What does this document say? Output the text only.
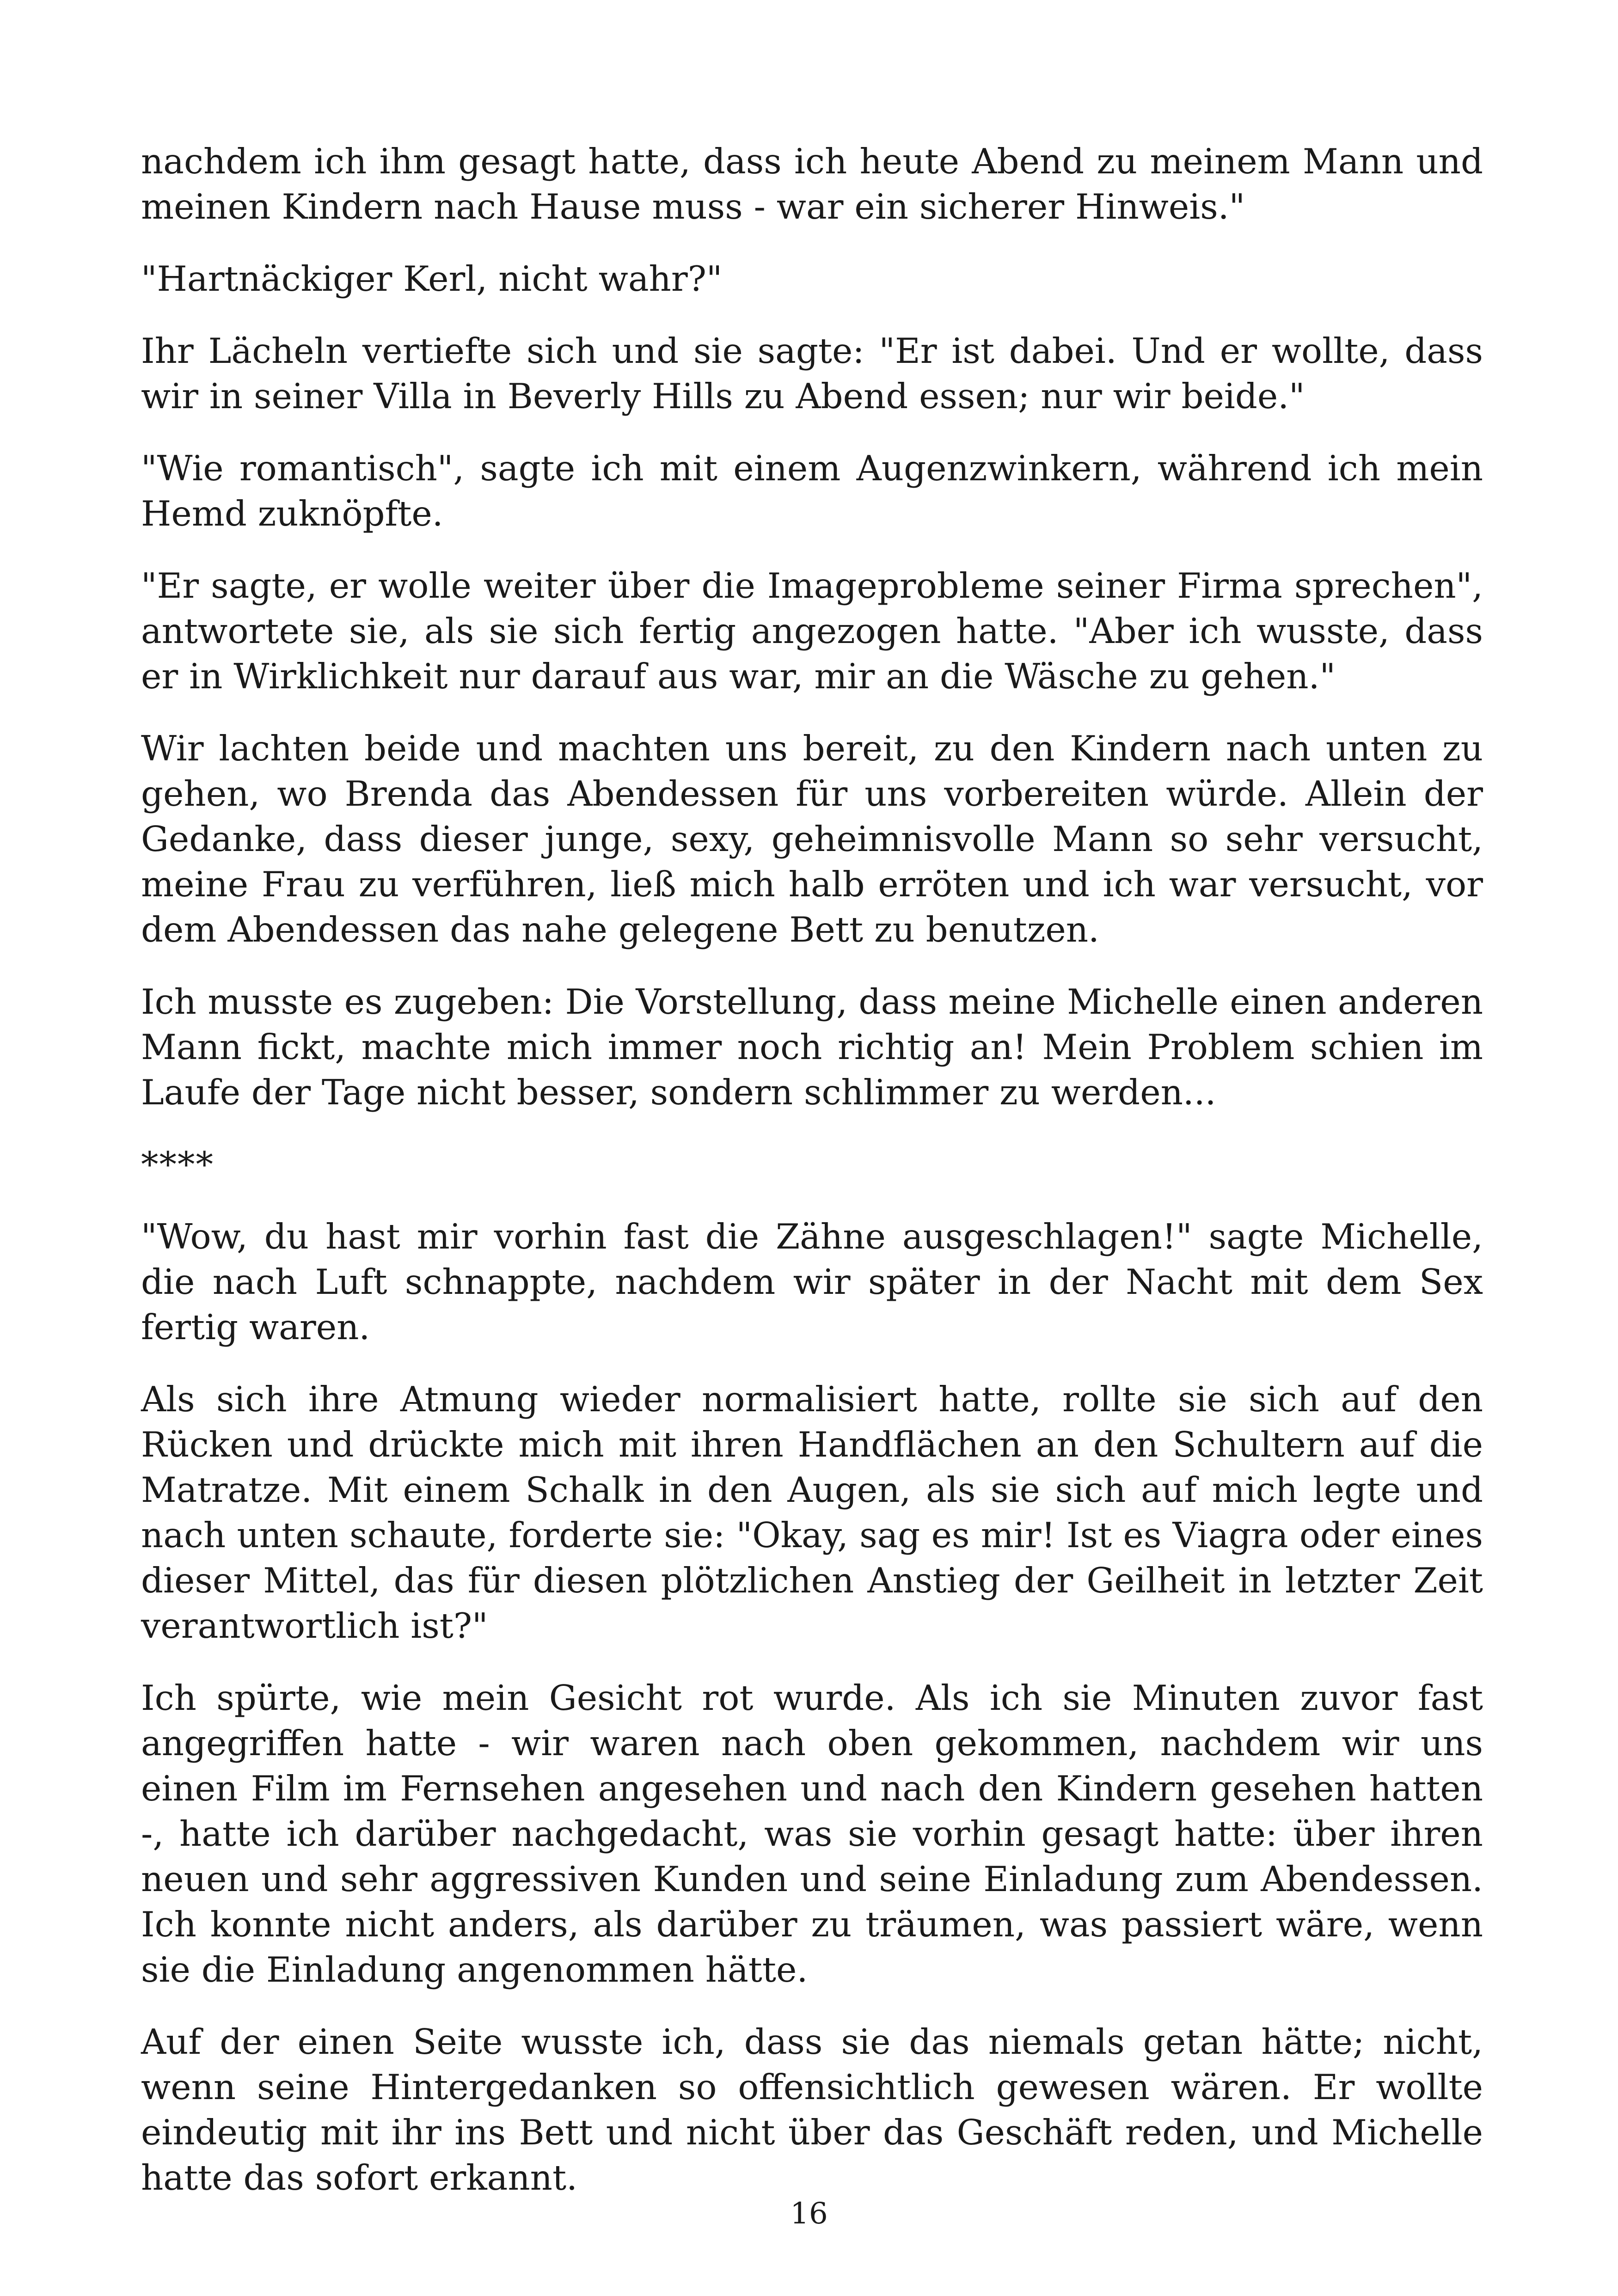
nachdem ich ihm gesagt hatte, dass ich heute Abend zu meinem Mann und meinen Kindern nach Hause muss - war ein sicherer Hinweis."

"Hartnäckiger Kerl, nicht wahr?"

Ihr Lächeln vertiefte sich und sie sagte: "Er ist dabei. Und er wollte, dass wir in seiner Villa in Beverly Hills zu Abend essen; nur wir beide."

"Wie romantisch", sagte ich mit einem Augenzwinkern, während ich mein Hemd zuknöpfte.

"Er sagte, er wolle weiter über die Imageprobleme seiner Firma sprechen", antwortete sie, als sie sich fertig angezogen hatte. "Aber ich wusste, dass er in Wirklichkeit nur darauf aus war, mir an die Wäsche zu gehen."

Wir lachten beide und machten uns bereit, zu den Kindern nach unten zu gehen, wo Brenda das Abendessen für uns vorbereiten würde. Allein der Gedanke, dass dieser junge, sexy, geheimnisvolle Mann so sehr versucht, meine Frau zu verführen, ließ mich halb erröten und ich war versucht, vor dem Abendessen das nahe gelegene Bett zu benutzen.

Ich musste es zugeben: Die Vorstellung, dass meine Michelle einen anderen Mann fickt, machte mich immer noch richtig an! Mein Problem schien im Laufe der Tage nicht besser, sondern schlimmer zu werden...

****

"Wow, du hast mir vorhin fast die Zähne ausgeschlagen!" sagte Michelle, die nach Luft schnappte, nachdem wir später in der Nacht mit dem Sex fertig waren.

Als sich ihre Atmung wieder normalisiert hatte, rollte sie sich auf den Rücken und drückte mich mit ihren Handflächen an den Schultern auf die Matratze. Mit einem Schalk in den Augen, als sie sich auf mich legte und nach unten schaute, forderte sie: "Okay, sag es mir! Ist es Viagra oder eines dieser Mittel, das für diesen plötzlichen Anstieg der Geilheit in letzter Zeit verantwortlich ist?"

Ich spürte, wie mein Gesicht rot wurde. Als ich sie Minuten zuvor fast angegriffen hatte - wir waren nach oben gekommen, nachdem wir uns einen Film im Fernsehen angesehen und nach den Kindern gesehen hatten -, hatte ich darüber nachgedacht, was sie vorhin gesagt hatte: über ihren neuen und sehr aggressiven Kunden und seine Einladung zum Abendessen. Ich konnte nicht anders, als darüber zu träumen, was passiert wäre, wenn sie die Einladung angenommen hätte.

Auf der einen Seite wusste ich, dass sie das niemals getan hätte; nicht, wenn seine Hintergedanken so offensichtlich gewesen wären. Er wollte eindeutig mit ihr ins Bett und nicht über das Geschäft reden, und Michelle hatte das sofort erkannt.

16
